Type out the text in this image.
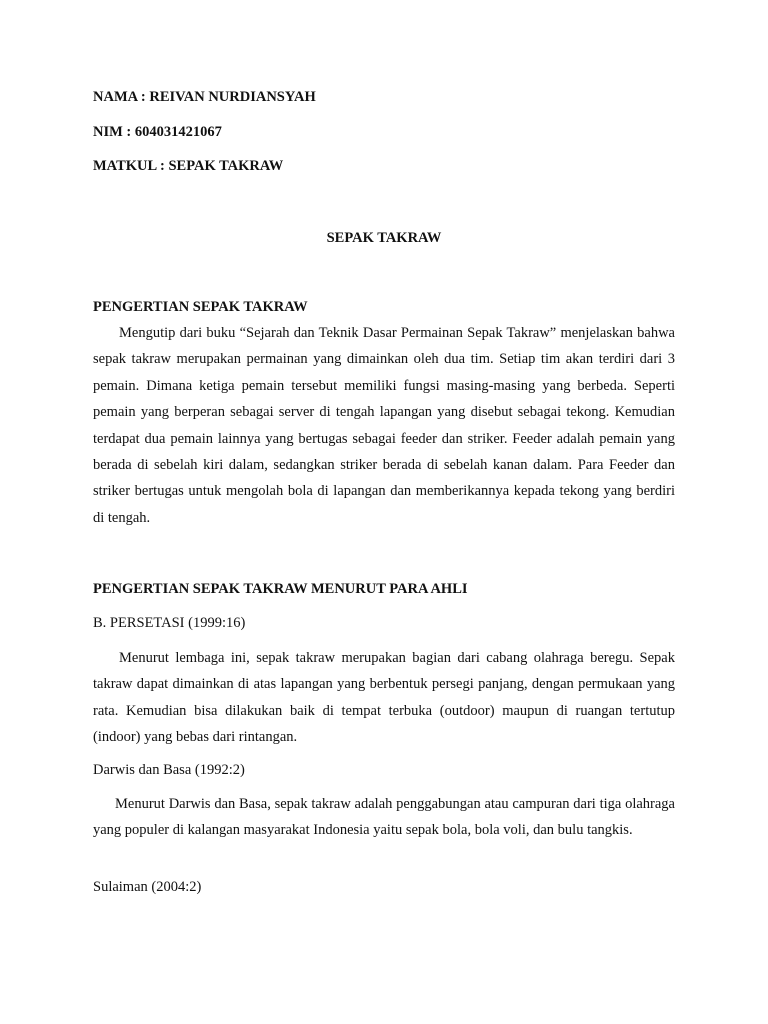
NAMA : REIVAN NURDIANSYAH
NIM : 604031421067
MATKUL : SEPAK TAKRAW
SEPAK TAKRAW
PENGERTIAN SEPAK TAKRAW
Mengutip dari buku “Sejarah dan Teknik Dasar Permainan Sepak Takraw” menjelaskan bahwa sepak takraw merupakan permainan yang dimainkan oleh dua tim. Setiap tim akan terdiri dari 3 pemain. Dimana ketiga pemain tersebut memiliki fungsi masing-masing yang berbeda. Seperti pemain yang berperan sebagai server di tengah lapangan yang disebut sebagai tekong. Kemudian terdapat dua pemain lainnya yang bertugas sebagai feeder dan striker. Feeder adalah pemain yang berada di sebelah kiri dalam, sedangkan striker berada di sebelah kanan dalam. Para Feeder dan striker bertugas untuk mengolah bola di lapangan dan memberikannya kepada tekong yang berdiri di tengah.
PENGERTIAN SEPAK TAKRAW MENURUT PARA AHLI
B. PERSETASI (1999:16)
Menurut lembaga ini, sepak takraw merupakan bagian dari cabang olahraga beregu. Sepak takraw dapat dimainkan di atas lapangan yang berbentuk persegi panjang, dengan permukaan yang rata. Kemudian bisa dilakukan baik di tempat terbuka (outdoor) maupun di ruangan tertutup (indoor) yang bebas dari rintangan.
Darwis dan Basa (1992:2)
Menurut Darwis dan Basa, sepak takraw adalah penggabungan atau campuran dari tiga olahraga yang populer di kalangan masyarakat Indonesia yaitu sepak bola, bola voli, dan bulu tangkis.
Sulaiman (2004:2)
